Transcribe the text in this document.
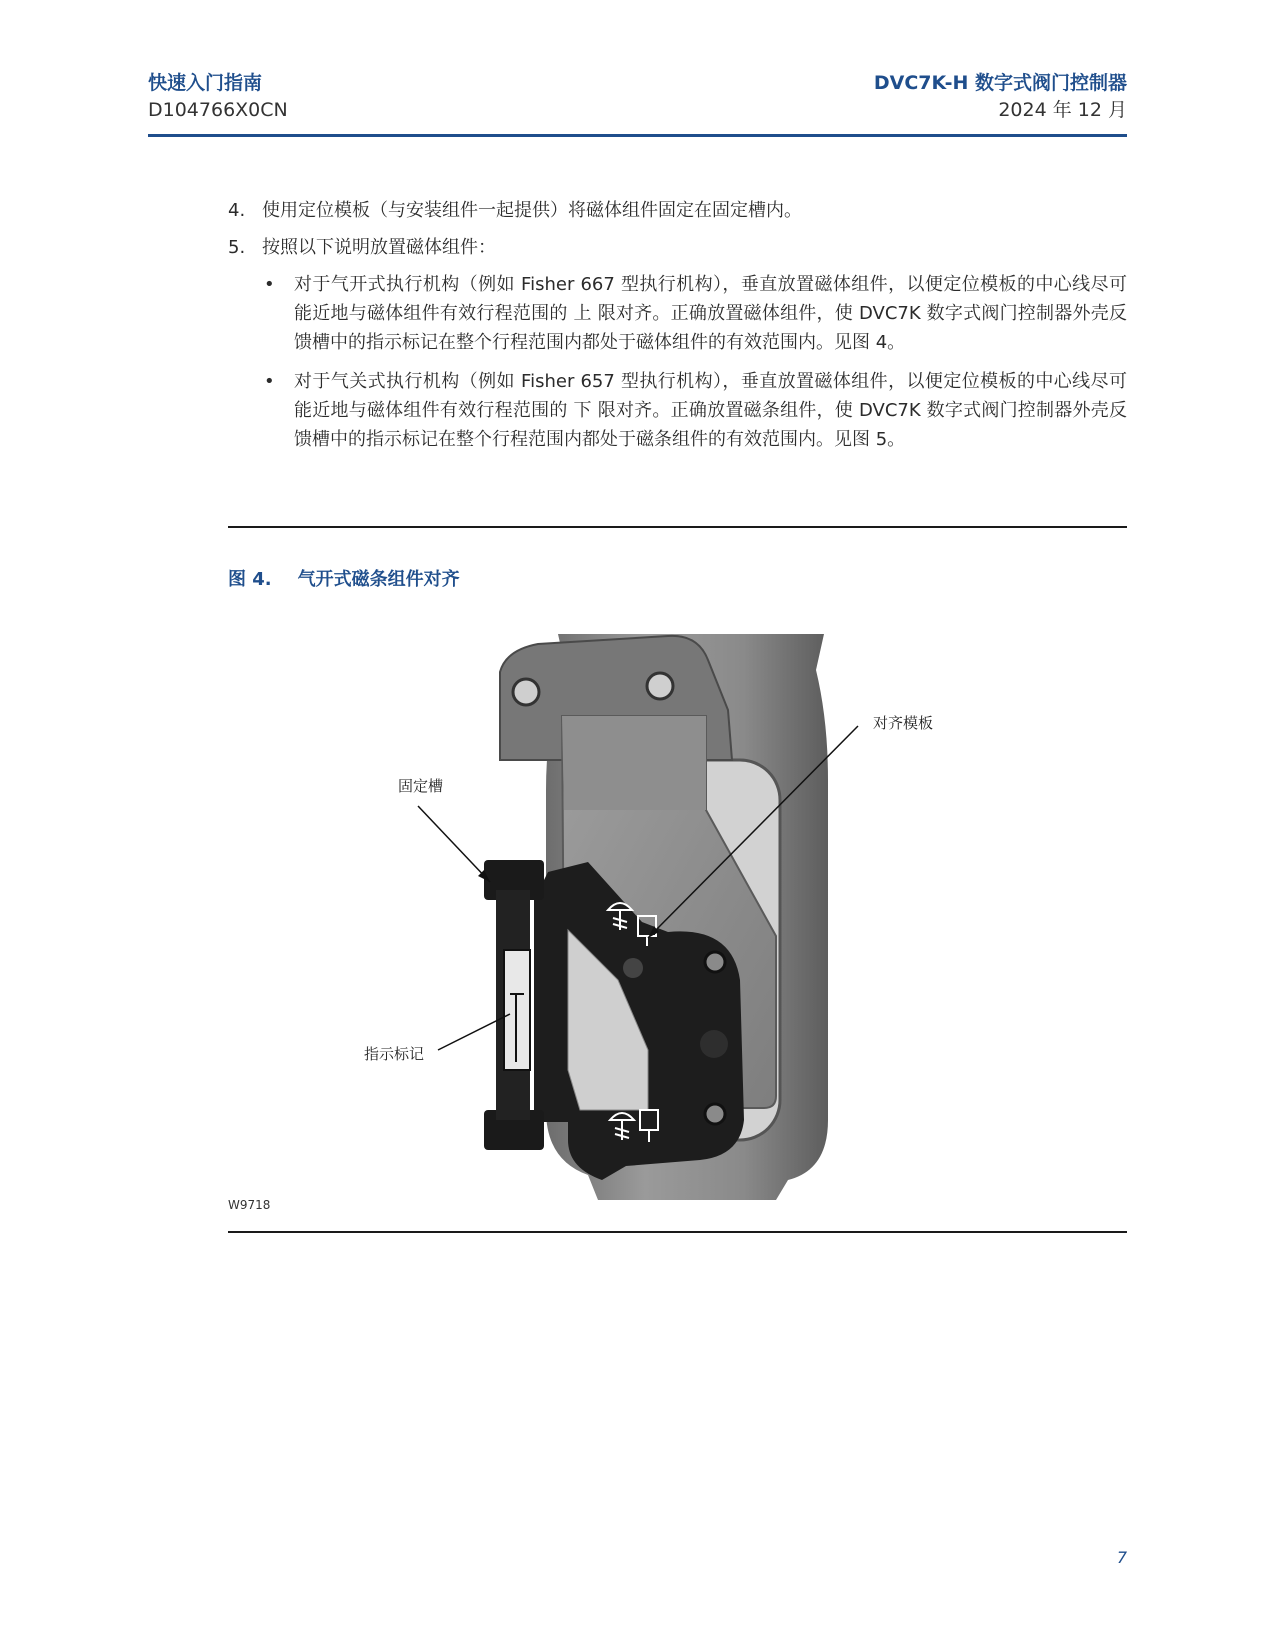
快速入门指南
D104766X0CN
DVC7K-H 数字式阀门控制器
2024 年 12 月
4. 使用定位模板（与安装组件一起提供）将磁体组件固定在固定槽内。
5. 按照以下说明放置磁体组件：
•	对于气开式执行机构（例如 Fisher 667 型执行机构），垂直放置磁体组件，以便定位模板的中心线尽可能近地与磁体组件有效行程范围的 上 限对齐。正确放置磁体组件，使 DVC7K 数字式阀门控制器外壳反馈槽中的指示标记在整个行程范围内都处于磁体组件的有效范围内。见图 4。
•	对于气关式执行机构（例如 Fisher 657 型执行机构），垂直放置磁体组件，以便定位模板的中心线尽可能近地与磁体组件有效行程范围的 下 限对齐。正确放置磁条组件，使 DVC7K 数字式阀门控制器外壳反馈槽中的指示标记在整个行程范围内都处于磁条组件的有效范围内。见图 5。
图 4. 气开式磁条组件对齐
对齐模板
固定槽
指示标记
W9718
7
